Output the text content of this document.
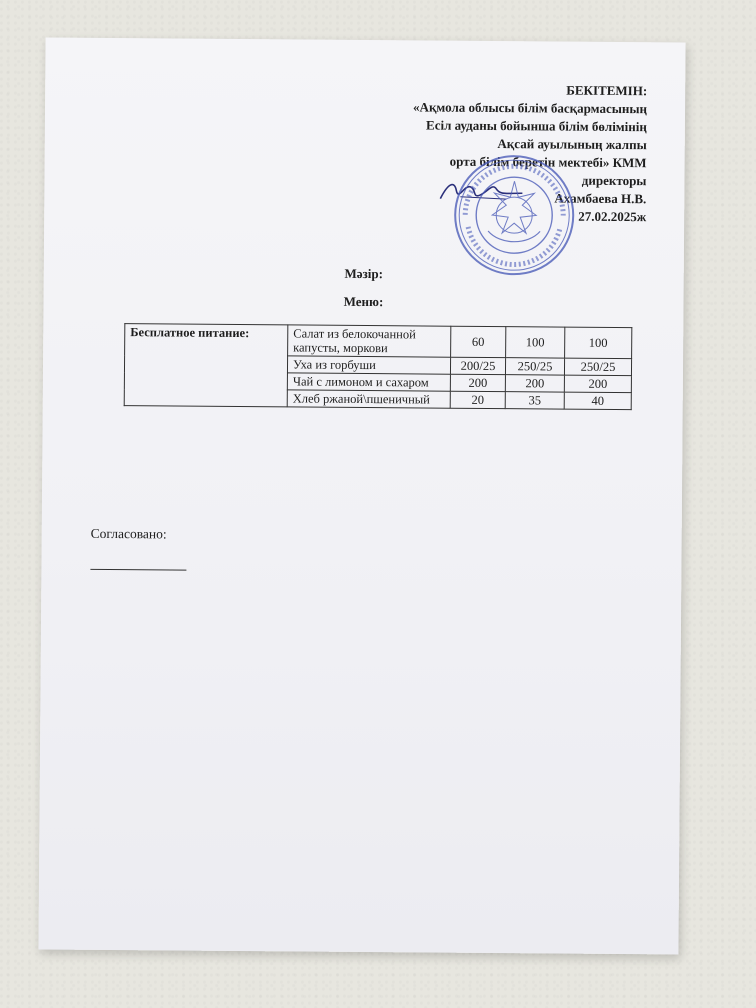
БЕКІТЕМІН:
«Ақмола облысы білім басқармасының
Есіл ауданы бойынша білім бөлімінің
Ақсай ауылының жалпы
орта білім беретін мектебі» КММ
директоры
Ахамбаева Н.В.
27.02.2025ж
Мәзір:
Меню:
Бесплатное питание:	Салат из белокочанной капусты, моркови	60	100	100
	Уха из горбуши	200/25	250/25	250/25
	Чай с лимоном и сахаром	200	200	200
	Хлеб ржаной\пшеничный	20	35	40
Согласовано:
